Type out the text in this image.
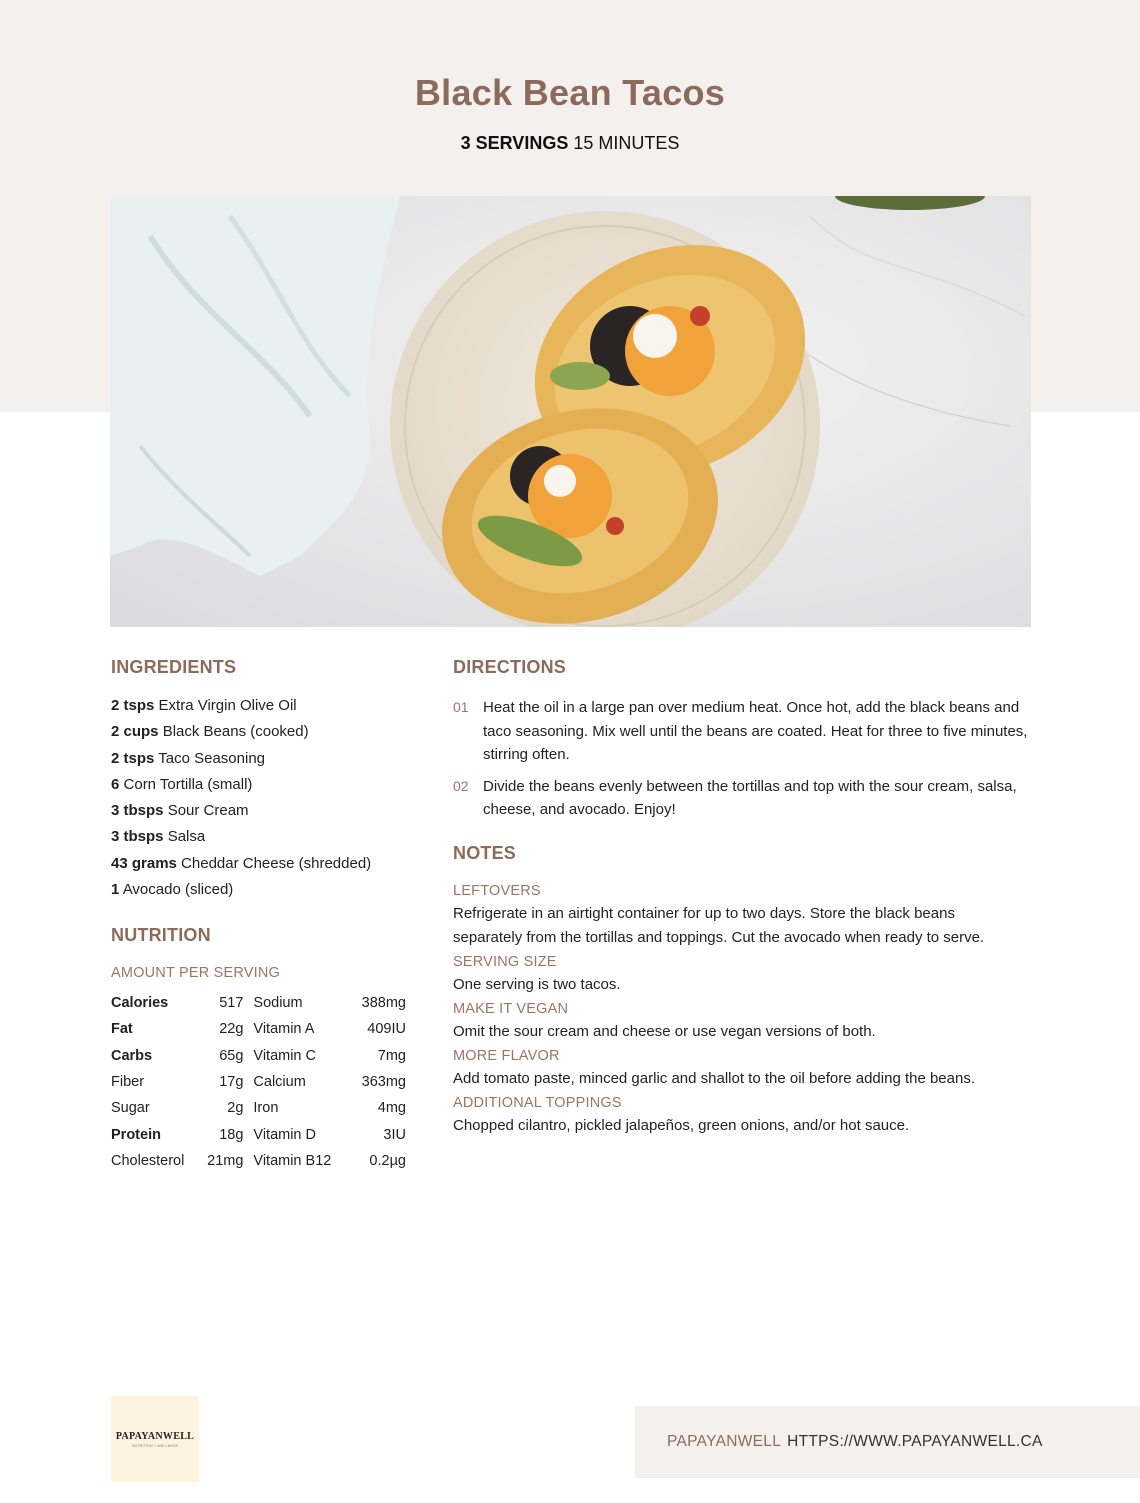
Black Bean Tacos
3 SERVINGS 15 MINUTES
INGREDIENTS
2 tsps Extra Virgin Olive Oil
2 cups Black Beans (cooked)
2 tsps Taco Seasoning
6 Corn Tortilla (small)
3 tbsps Sour Cream
3 tbsps Salsa
43 grams Cheddar Cheese (shredded)
1 Avocado (sliced)
NUTRITION
AMOUNT PER SERVING
Calories	517	Sodium	388mg
Fat	22g	Vitamin A	409IU
Carbs	65g	Vitamin C	7mg
Fiber	17g	Calcium	363mg
Sugar	2g	Iron	4mg
Protein	18g	Vitamin D	3IU
Cholesterol	21mg	Vitamin B12	0.2µg
DIRECTIONS
01 Heat the oil in a large pan over medium heat. Once hot, add the black beans and taco seasoning. Mix well until the beans are coated. Heat for three to five minutes, stirring often.
02 Divide the beans evenly between the tortillas and top with the sour cream, salsa, cheese, and avocado. Enjoy!
NOTES
LEFTOVERS
Refrigerate in an airtight container for up to two days. Store the black beans separately from the tortillas and toppings. Cut the avocado when ready to serve.
SERVING SIZE
One serving is two tacos.
MAKE IT VEGAN
Omit the sour cream and cheese or use vegan versions of both.
MORE FLAVOR
Add tomato paste, minced garlic and shallot to the oil before adding the beans.
ADDITIONAL TOPPINGS
Chopped cilantro, pickled jalapeños, green onions, and/or hot sauce.
PAPAYANWELL
NUTRITION + WELLNESS	PAPAYANWELL HTTPS://WWW.PAPAYANWELL.CA
